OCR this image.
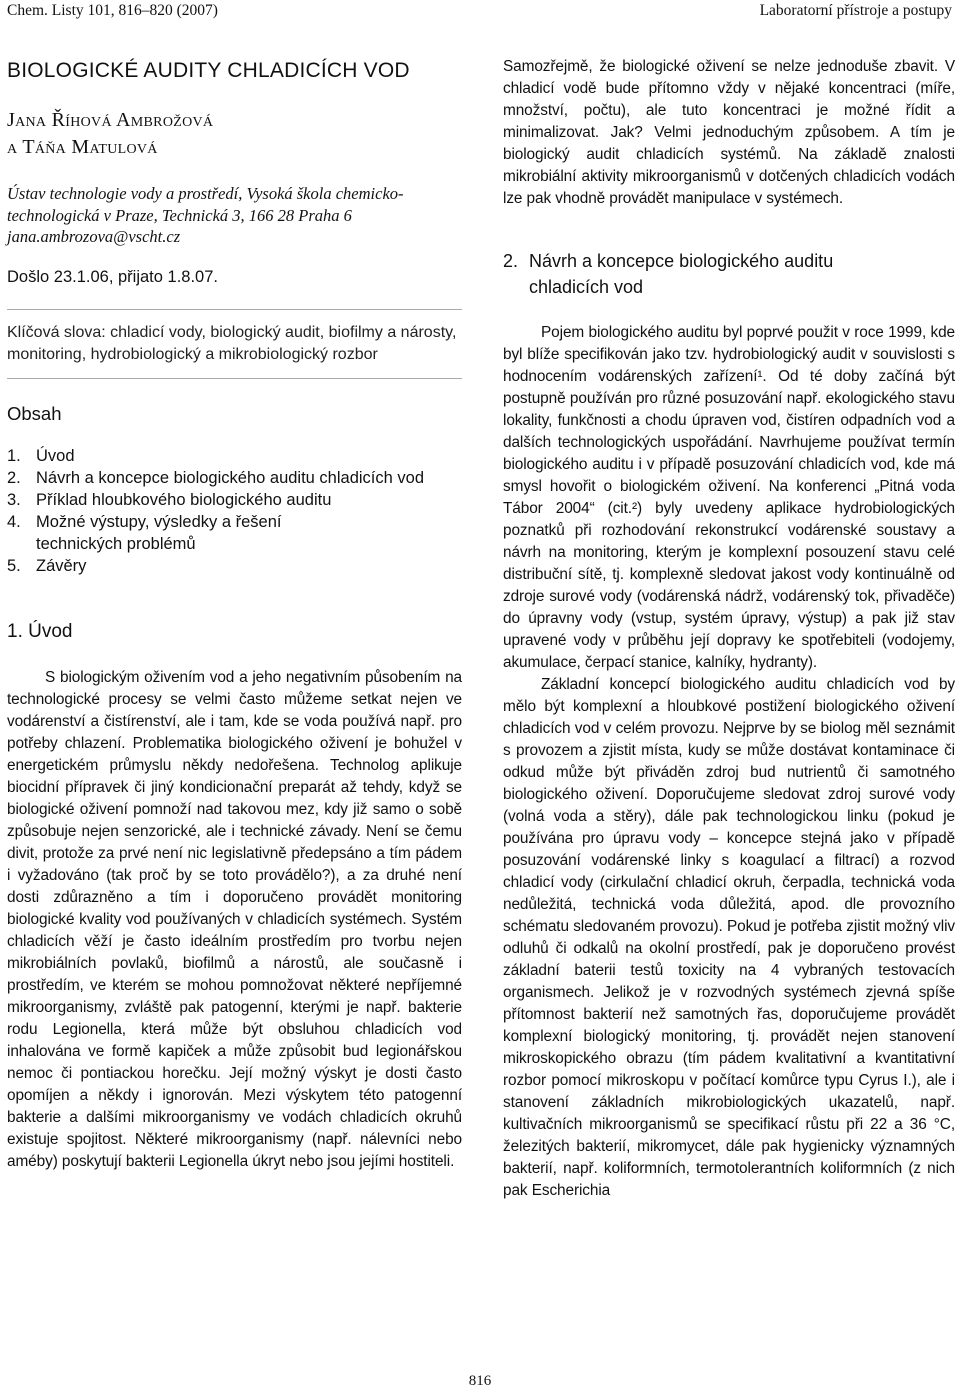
Chem. Listy 101, 816–820 (2007)	Laboratorní přístroje a postupy
BIOLOGICKÉ AUDITY CHLADICÍCH VOD
Jana Říhová Ambrožová
a Táňa Matulová
Ústav technologie vody a prostředí, Vysoká škola chemicko-technologická v Praze, Technická 3, 166 28 Praha 6
jana.ambrozova@vscht.cz
Došlo 23.1.06, přijato 1.8.07.
Klíčová slova: chladicí vody, biologický audit, biofilmy a nárosty, monitoring, hydrobiologický a mikrobiologický rozbor
Obsah
1. Úvod
2. Návrh a koncepce biologického auditu chladicích vod
3. Příklad hloubkového biologického auditu
4. Možné výstupy, výsledky a řešení technických problémů
5. Závěry
1. Úvod

S biologickým oživením vod a jeho negativním působením na technologické procesy se velmi často můžeme setkat nejen ve vodárenství a čistírenství, ale i tam, kde se voda používá např. pro potřeby chlazení. Problematika biologického oživení je bohužel v energetickém průmyslu někdy nedořešena. Technolog aplikuje biocidní přípravek či jiný kondicionační preparát až tehdy, když se biologické oživení pomnoží nad takovou mez, kdy již samo o sobě způsobuje nejen senzorické, ale i technické závady. Není se čemu divit, protože za prvé není nic legislativně předepsáno a tím pádem i vyžadováno (tak proč by se toto provádělo?), a za druhé není dosti zdůrazněno a tím i doporučeno provádět monitoring biologické kvality vod používaných v chladicích systémech. Systém chladicích věží je často ideálním prostředím pro tvorbu nejen mikrobiálních povlaků, biofilmů a nárostů, ale současně i prostředím, ve kterém se mohou pomnožovat některé nepříjemné mikroorganismy, zvláště pak patogenní, kterými je např. bakterie rodu Legionella, která může být obsluhou chladicích vod inhalována ve formě kapiček a může způsobit bud legionářskou nemoc či pontiackou horečku. Její možný výskyt je dosti často opomíjen a někdy i ignorován. Mezi výskytem této patogenní bakterie a dalšími mikroorganismy ve vodách chladicích okruhů existuje spojitost. Některé mikroorganismy (např. nálevníci nebo améby) poskytují bakterii Legionella úkryt nebo jsou jejími hostiteli.

Samozřejmě, že biologické oživení se nelze jednoduše zbavit. V chladicí vodě bude přítomno vždy v nějaké koncentraci (míře, množství, počtu), ale tuto koncentraci je možné řídit a minimalizovat. Jak? Velmi jednoduchým způsobem. A tím je biologický audit chladicích systémů. Na základě znalosti mikrobiální aktivity mikroorganismů v dotčených chladicích vodách lze pak vhodně provádět manipulace v systémech.

2. Návrh a koncepce biologického auditu
chladicích vod

Pojem biologického auditu byl poprvé použit v roce 1999, kde byl blíže specifikován jako tzv. hydrobiologický audit v souvislosti s hodnocením vodárenských zařízení¹. Od té doby začíná být postupně používán pro různé posuzování např. ekologického stavu lokality, funkčnosti a chodu úpraven vod, čistíren odpadních vod a dalších technologických uspořádání. Navrhujeme používat termín biologického auditu i v případě posuzování chladicích vod, kde má smysl hovořit o biologickém oživení. Na konferenci „Pitná voda Tábor 2004“ (cit.²) byly uvedeny aplikace hydrobiologických poznatků při rozhodování rekonstrukcí vodárenské soustavy a návrh na monitoring, kterým je komplexní posouzení stavu celé distribuční sítě, tj. komplexně sledovat jakost vody kontinuálně od zdroje surové vody (vodárenská nádrž, vodárenský tok, přivaděče) do úpravny vody (vstup, systém úpravy, výstup) a pak již stav upravené vody v průběhu její dopravy ke spotřebiteli (vodojemy, akumulace, čerpací stanice, kalníky, hydranty).

Základní koncepcí biologického auditu chladicích vod by mělo být komplexní a hloubkové postižení biologického oživení chladicích vod v celém provozu. Nejprve by se biolog měl seznámit s provozem a zjistit místa, kudy se může dostávat kontaminace či odkud může být přiváděn zdroj bud nutrientů či samotného biologického oživení. Doporučujeme sledovat zdroj surové vody (volná voda a stěry), dále pak technologickou linku (pokud je používána pro úpravu vody – koncepce stejná jako v případě posuzování vodárenské linky s koagulací a filtrací) a rozvod chladicí vody (cirkulační chladicí okruh, čerpadla, technická voda nedůležitá, technická voda důležitá, apod. dle provozního schématu sledovaném provozu). Pokud je potřeba zjistit možný vliv odluhů či odkalů na okolní prostředí, pak je doporučeno provést základní baterii testů toxicity na 4 vybraných testovacích organismech. Jelikož je v rozvodných systémech zjevná spíše přítomnost bakterií než samotných řas, doporučujeme provádět komplexní biologický monitoring, tj. provádět nejen stanovení mikroskopického obrazu (tím pádem kvalitativní a kvantitativní rozbor pomocí mikroskopu v počítací komůrce typu Cyrus I.), ale i stanovení základních mikrobiologických ukazatelů, např. kultivačních mikroorganismů se specifikací růstu při 22 a 36 °C, železitých bakterií, mikromycet, dále pak hygienicky významných bakterií, např. koliformních, termotolerantních koliformních (z nich pak Escherichia

816
